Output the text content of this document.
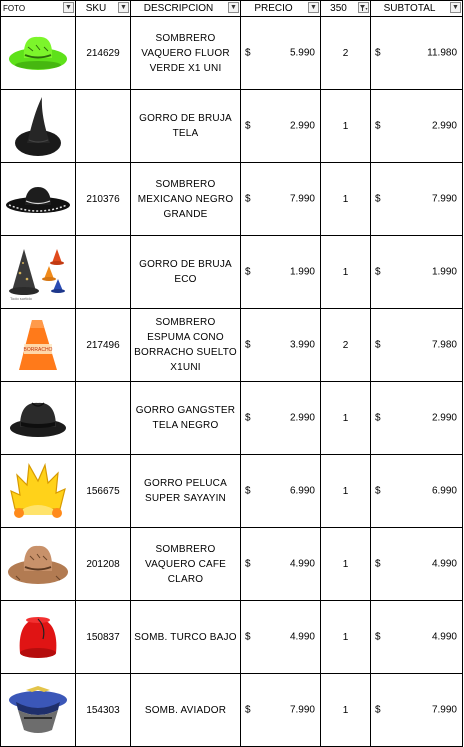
FOTO ▼	SKU ▼	DESCRIPCION ▼	PRECIO ▼	350	SUBTOTAL ▼

	214629	SOMBRERO VAQUERO FLUOR VERDE X1 UNI	$ 5.990	2	$ 11.980

		GORRO DE BRUJA TELA	$ 2.990	1	$ 2.990

	210376	SOMBRERO MEXICANO NEGRO GRANDE	$ 7.990	1	$ 7.990

Todo surtido		GORRO DE BRUJA ECO	$ 1.990	1	$ 1.990

BORRACHO	217496	SOMBRERO ESPUMA CONO BORRACHO SUELTO X1UNI	$ 3.990	2	$ 7.980

		GORRO GANGSTER TELA NEGRO	$ 2.990	1	$ 2.990

	156675	GORRO PELUCA SUPER SAYAYIN	$ 6.990	1	$ 6.990

	201208	SOMBRERO VAQUERO CAFE CLARO	$ 4.990	1	$ 4.990

	150837	SOMB. TURCO BAJO	$ 4.990	1	$ 4.990

	154303	SOMB. AVIADOR	$ 7.990	1	$ 7.990
